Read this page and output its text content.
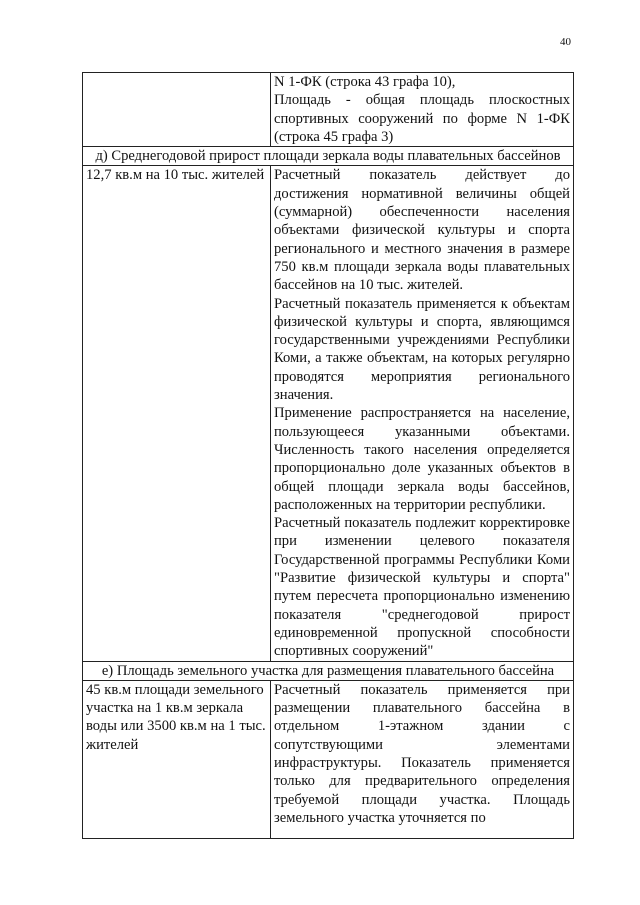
40

	N 1-ФК (строка 43 графа 10),

Площадь - общая площадь плоскостных спортивных сооружений по форме N 1-ФК (строка 45 графа 3)

д) Среднегодовой прирост площади зеркала воды плавательных бассейнов	
12,7 кв.м на 10 тыс. жителей	Расчетный показатель действует до достижения нормативной величины общей (суммарной) обеспеченности населения объектами физической культуры и спорта регионального и местного значения в размере 750 кв.м площади зеркала воды плавательных бассейнов на 10 тыс. жителей.

Расчетный показатель применяется к объектам физической культуры и спорта, являющимся государственными учреждениями Республики Коми, а также объектам, на которых регулярно проводятся мероприятия регионального значения.

Применение распространяется на население, пользующееся указанными объектами. Численность такого населения определяется пропорционально доле указанных объектов в общей площади зеркала воды бассейнов, расположенных на территории республики.

Расчетный показатель подлежит корректировке при изменении целевого показателя Государственной программы Республики Коми "Развитие физической культуры и спорта" путем пересчета пропорционально изменению показателя "среднегодовой прирост единовременной пропускной способности спортивных сооружений"

е) Площадь земельного участка для размещения плавательного бассейна	
45 кв.м площади земельного участка на 1 кв.м зеркала воды или 3500 кв.м на 1 тыс. жителей	Расчетный показатель применяется при размещении плавательного бассейна в отдельном 1-этажном здании с сопутствующими элементами инфраструктуры. Показатель применяется только для предварительного определения требуемой площади участка. Площадь земельного участка уточняется по
